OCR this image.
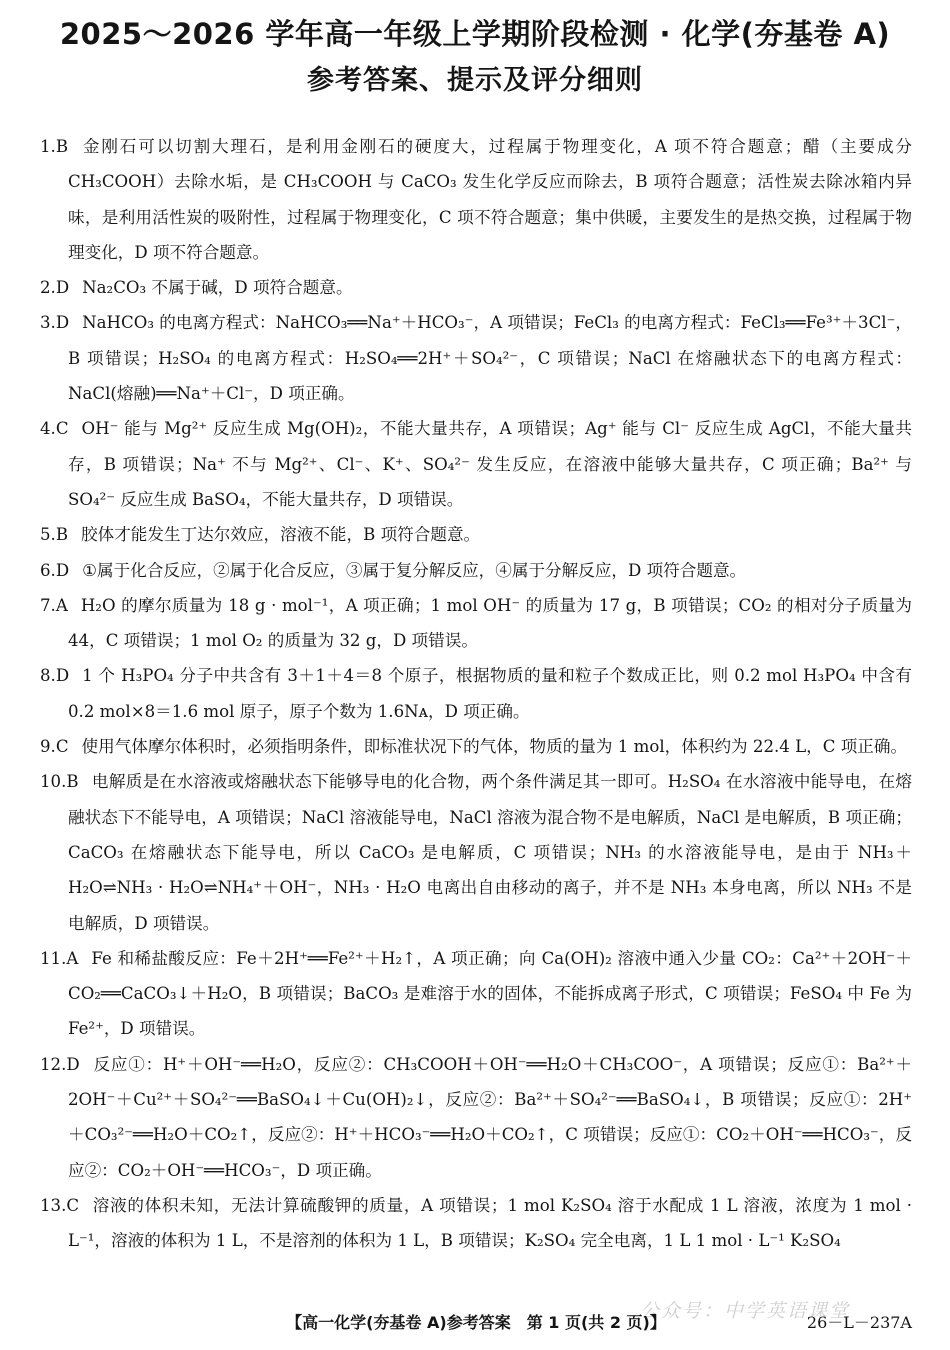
2025～2026 学年高一年级上学期阶段检测 · 化学(夯基卷 A)
参考答案、提示及评分细则
1.B 金刚石可以切割大理石，是利用金刚石的硬度大，过程属于物理变化，A 项不符合题意；醋（主要成分 CH₃COOH）去除水垢，是 CH₃COOH 与 CaCO₃ 发生化学反应而除去，B 项符合题意；活性炭去除冰箱内异味，是利用活性炭的吸附性，过程属于物理变化，C 项不符合题意；集中供暖，主要发生的是热交换，过程属于物理变化，D 项不符合题意。
2.D Na₂CO₃ 不属于碱，D 项符合题意。
3.D NaHCO₃ 的电离方程式：NaHCO₃══Na⁺＋HCO₃⁻，A 项错误；FeCl₃ 的电离方程式：FeCl₃══Fe³⁺＋3Cl⁻，B 项错误；H₂SO₄ 的电离方程式：H₂SO₄══2H⁺＋SO₄²⁻，C 项错误；NaCl 在熔融状态下的电离方程式：NaCl(熔融)══Na⁺＋Cl⁻，D 项正确。
4.C OH⁻ 能与 Mg²⁺ 反应生成 Mg(OH)₂，不能大量共存，A 项错误；Ag⁺ 能与 Cl⁻ 反应生成 AgCl，不能大量共存，B 项错误；Na⁺ 不与 Mg²⁺、Cl⁻、K⁺、SO₄²⁻ 发生反应，在溶液中能够大量共存，C 项正确；Ba²⁺ 与 SO₄²⁻ 反应生成 BaSO₄，不能大量共存，D 项错误。
5.B 胶体才能发生丁达尔效应，溶液不能，B 项符合题意。
6.D ①属于化合反应，②属于化合反应，③属于复分解反应，④属于分解反应，D 项符合题意。
7.A H₂O 的摩尔质量为 18 g · mol⁻¹，A 项正确；1 mol OH⁻ 的质量为 17 g，B 项错误；CO₂ 的相对分子质量为 44，C 项错误；1 mol O₂ 的质量为 32 g，D 项错误。
8.D 1 个 H₃PO₄ 分子中共含有 3＋1＋4＝8 个原子，根据物质的量和粒子个数成正比，则 0.2 mol H₃PO₄ 中含有 0.2 mol×8＝1.6 mol 原子，原子个数为 1.6Nᴀ，D 项正确。
9.C 使用气体摩尔体积时，必须指明条件，即标准状况下的气体，物质的量为 1 mol，体积约为 22.4 L，C 项正确。
10.B 电解质是在水溶液或熔融状态下能够导电的化合物，两个条件满足其一即可。H₂SO₄ 在水溶液中能导电，在熔融状态下不能导电，A 项错误；NaCl 溶液能导电，NaCl 溶液为混合物不是电解质，NaCl 是电解质，B 项正确；CaCO₃ 在熔融状态下能导电，所以 CaCO₃ 是电解质，C 项错误；NH₃ 的水溶液能导电，是由于 NH₃＋H₂O⇌NH₃ · H₂O⇌NH₄⁺＋OH⁻，NH₃ · H₂O 电离出自由移动的离子，并不是 NH₃ 本身电离，所以 NH₃ 不是电解质，D 项错误。
11.A Fe 和稀盐酸反应：Fe＋2H⁺══Fe²⁺＋H₂↑，A 项正确；向 Ca(OH)₂ 溶液中通入少量 CO₂：Ca²⁺＋2OH⁻＋CO₂══CaCO₃↓＋H₂O，B 项错误；BaCO₃ 是难溶于水的固体，不能拆成离子形式，C 项错误；FeSO₄ 中 Fe 为 Fe²⁺，D 项错误。
12.D 反应①：H⁺＋OH⁻══H₂O，反应②：CH₃COOH＋OH⁻══H₂O＋CH₃COO⁻，A 项错误；反应①：Ba²⁺＋2OH⁻＋Cu²⁺＋SO₄²⁻══BaSO₄↓＋Cu(OH)₂↓，反应②：Ba²⁺＋SO₄²⁻══BaSO₄↓，B 项错误；反应①：2H⁺＋CO₃²⁻══H₂O＋CO₂↑，反应②：H⁺＋HCO₃⁻══H₂O＋CO₂↑，C 项错误；反应①：CO₂＋OH⁻══HCO₃⁻，反应②：CO₂＋OH⁻══HCO₃⁻，D 项正确。
13.C 溶液的体积未知，无法计算硫酸钾的质量，A 项错误；1 mol K₂SO₄ 溶于水配成 1 L 溶液，浓度为 1 mol · L⁻¹，溶液的体积为 1 L，不是溶剂的体积为 1 L，B 项错误；K₂SO₄ 完全电离，1 L 1 mol · L⁻¹ K₂SO₄
公众号：中学英语课堂
【高一化学(夯基卷 A)参考答案　第 1 页(共 2 页)】	26－L－237A
